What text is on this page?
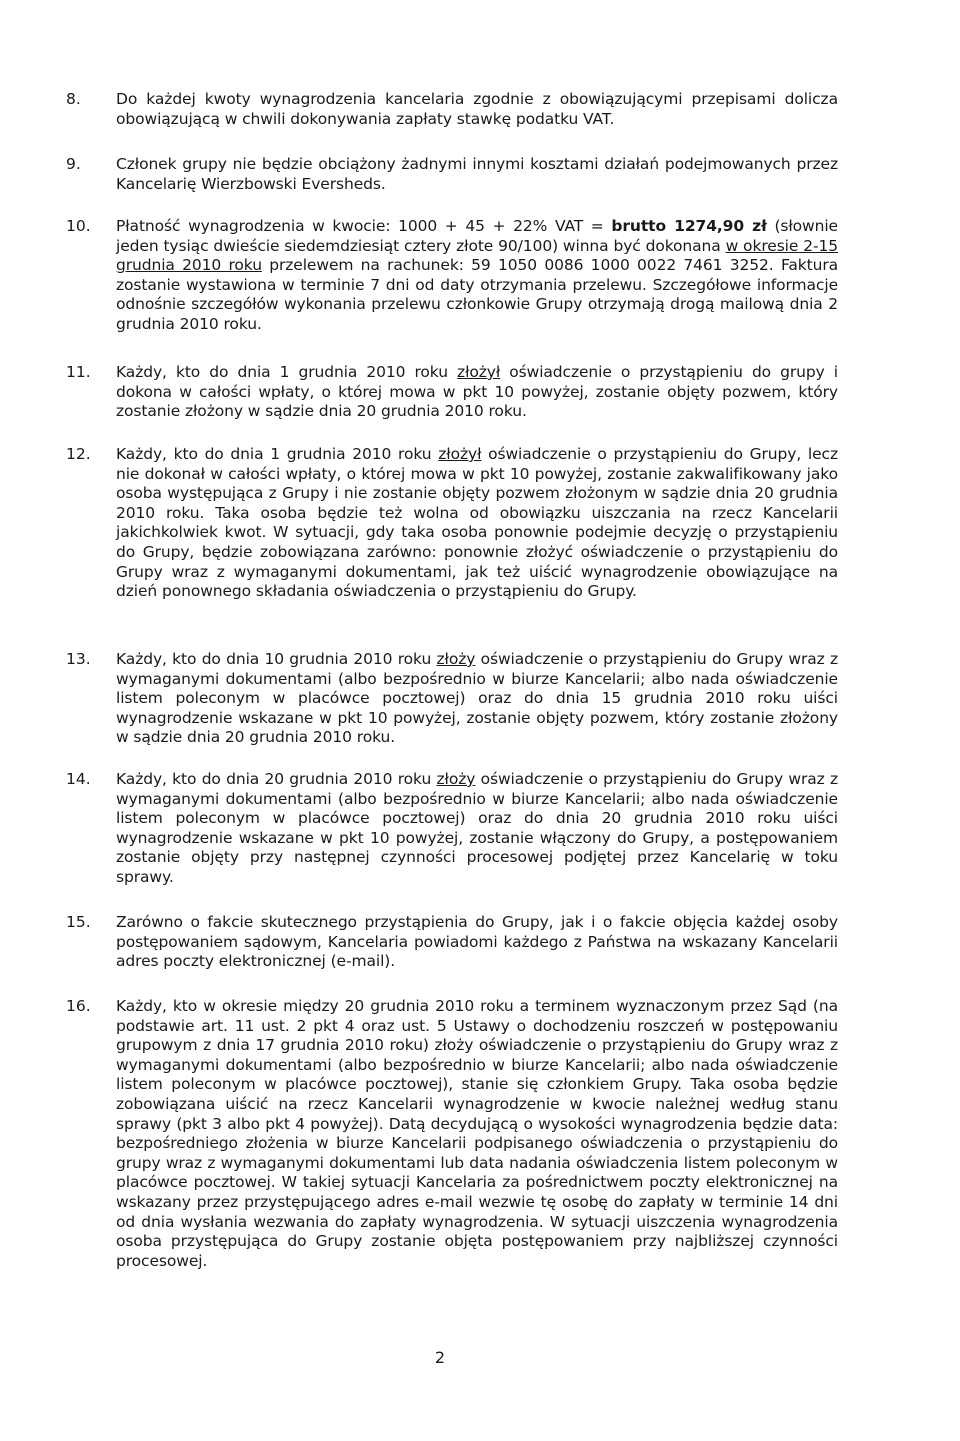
8. Do każdej kwoty wynagrodzenia kancelaria zgodnie z obowiązującymi przepisami dolicza obowiązującą w chwili dokonywania zapłaty stawkę podatku VAT.
9. Członek grupy nie będzie obciążony żadnymi innymi kosztami działań podejmowanych przez Kancelarię Wierzbowski Eversheds.
10. Płatność wynagrodzenia w kwocie: 1000 + 45 + 22% VAT = brutto 1274,90 zł (słownie jeden tysiąc dwieście siedemdziesiąt cztery złote 90/100) winna być dokonana w okresie 2-15 grudnia 2010 roku przelewem na rachunek: 59 1050 0086 1000 0022 7461 3252. Faktura zostanie wystawiona w terminie 7 dni od daty otrzymania przelewu. Szczegółowe informacje odnośnie szczegółów wykonania przelewu członkowie Grupy otrzymają drogą mailową dnia 2 grudnia 2010 roku.
11. Każdy, kto do dnia 1 grudnia 2010 roku złożył oświadczenie o przystąpieniu do grupy i dokona w całości wpłaty, o której mowa w pkt 10 powyżej, zostanie objęty pozwem, który zostanie złożony w sądzie dnia 20 grudnia 2010 roku.
12. Każdy, kto do dnia 1 grudnia 2010 roku złożył oświadczenie o przystąpieniu do Grupy, lecz nie dokonał w całości wpłaty, o której mowa w pkt 10 powyżej, zostanie zakwalifikowany jako osoba występująca z Grupy i nie zostanie objęty pozwem złożonym w sądzie dnia 20 grudnia 2010 roku. Taka osoba będzie też wolna od obowiązku uiszczania na rzecz Kancelarii jakichkolwiek kwot. W sytuacji, gdy taka osoba ponownie podejmie decyzję o przystąpieniu do Grupy, będzie zobowiązana zarówno: ponownie złożyć oświadczenie o przystąpieniu do Grupy wraz z wymaganymi dokumentami, jak też uiścić wynagrodzenie obowiązujące na dzień ponownego składania oświadczenia o przystąpieniu do Grupy.
13. Każdy, kto do dnia 10 grudnia 2010 roku złoży oświadczenie o przystąpieniu do Grupy wraz z wymaganymi dokumentami (albo bezpośrednio w biurze Kancelarii; albo nada oświadczenie listem poleconym w placówce pocztowej) oraz do dnia 15 grudnia 2010 roku uiści wynagrodzenie wskazane w pkt 10 powyżej, zostanie objęty pozwem, który zostanie złożony w sądzie dnia 20 grudnia 2010 roku.
14. Każdy, kto do dnia 20 grudnia 2010 roku złoży oświadczenie o przystąpieniu do Grupy wraz z wymaganymi dokumentami (albo bezpośrednio w biurze Kancelarii; albo nada oświadczenie listem poleconym w placówce pocztowej) oraz do dnia 20 grudnia 2010 roku uiści wynagrodzenie wskazane w pkt 10 powyżej, zostanie włączony do Grupy, a postępowaniem zostanie objęty przy następnej czynności procesowej podjętej przez Kancelarię w toku sprawy.
15. Zarówno o fakcie skutecznego przystąpienia do Grupy, jak i o fakcie objęcia każdej osoby postępowaniem sądowym, Kancelaria powiadomi każdego z Państwa na wskazany Kancelarii adres poczty elektronicznej (e-mail).
16. Każdy, kto w okresie między 20 grudnia 2010 roku a terminem wyznaczonym przez Sąd (na podstawie art. 11 ust. 2 pkt 4 oraz ust. 5 Ustawy o dochodzeniu roszczeń w postępowaniu grupowym z dnia 17 grudnia 2010 roku) złoży oświadczenie o przystąpieniu do Grupy wraz z wymaganymi dokumentami (albo bezpośrednio w biurze Kancelarii; albo nada oświadczenie listem poleconym w placówce pocztowej), stanie się członkiem Grupy. Taka osoba będzie zobowiązana uiścić na rzecz Kancelarii wynagrodzenie w kwocie należnej według stanu sprawy (pkt 3 albo pkt 4 powyżej). Datą decydującą o wysokości wynagrodzenia będzie data: bezpośredniego złożenia w biurze Kancelarii podpisanego oświadczenia o przystąpieniu do grupy wraz z wymaganymi dokumentami lub data nadania oświadczenia listem poleconym w placówce pocztowej. W takiej sytuacji Kancelaria za pośrednictwem poczty elektronicznej na wskazany przez przystępującego adres e-mail wezwie tę osobę do zapłaty w terminie 14 dni od dnia wysłania wezwania do zapłaty wynagrodzenia. W sytuacji uiszczenia wynagrodzenia osoba przystępująca do Grupy zostanie objęta postępowaniem przy najbliższej czynności procesowej.
2
